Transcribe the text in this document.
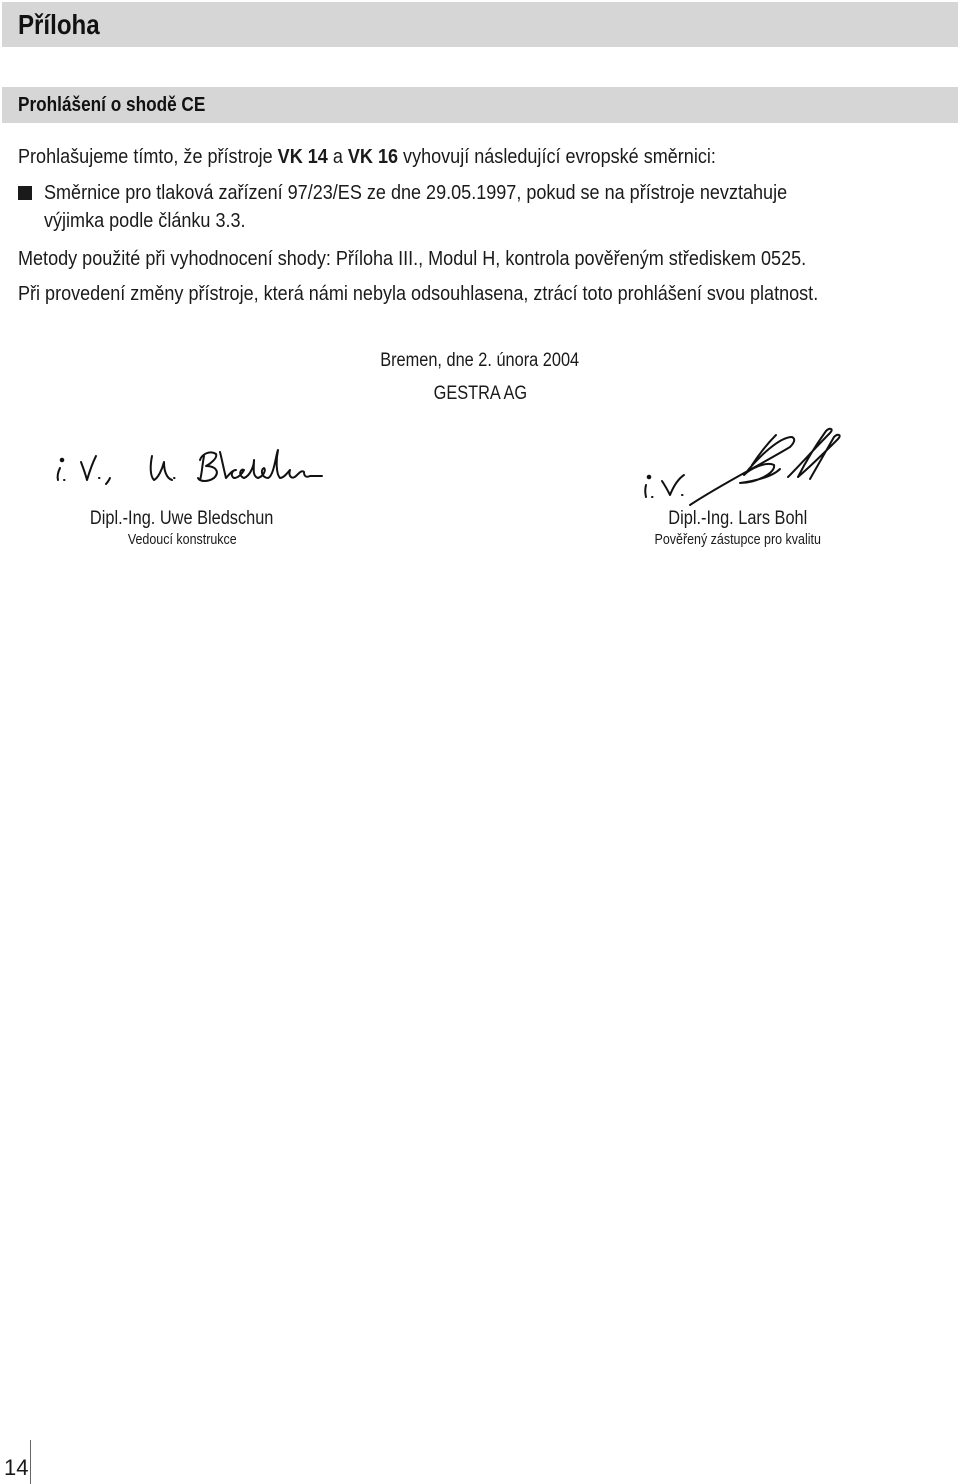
Příloha
Prohlášení o shodě CE
Prohlašujeme tímto, že přístroje VK 14 a VK 16 vyhovují následující evropské směrnici:
Směrnice pro tlaková zařízení 97/23/ES ze dne 29.05.1997, pokud se na přístroje nevztahuje
výjimka podle článku 3.3.
Metody použité při vyhodnocení shody: Příloha III., Modul H, kontrola pověřeným střediskem 0525.
Při provedení změny přístroje, která námi nebyla odsouhlasena, ztrácí toto prohlášení svou platnost.
Bremen, dne 2. února 2004
GESTRA AG
Dipl.-Ing. Uwe Bledschun
Vedoucí konstrukce
Dipl.-Ing. Lars Bohl
Pověřený zástupce pro kvalitu
14
